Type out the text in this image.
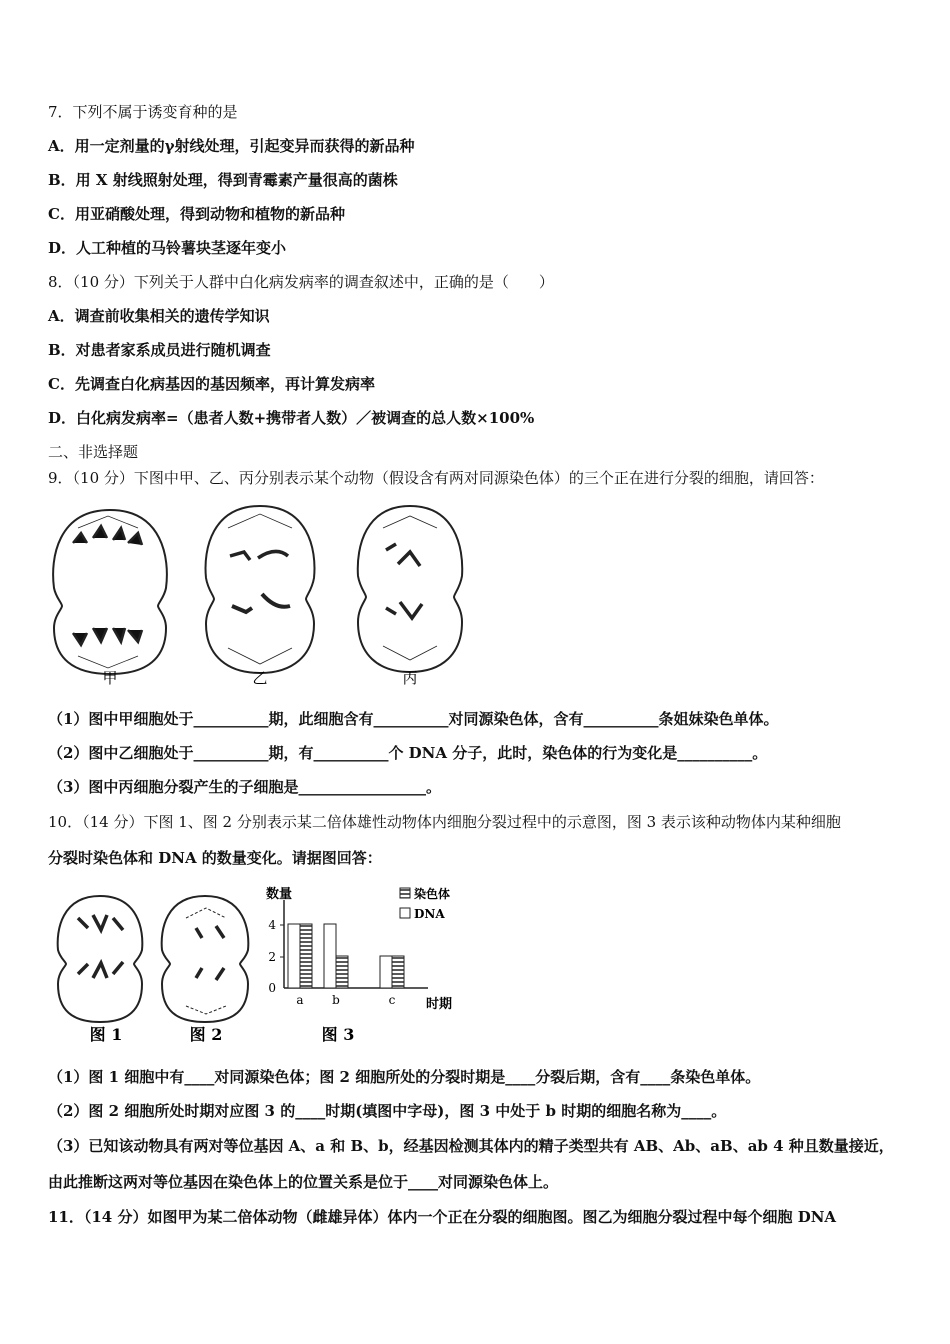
7．下列不属于诱变育种的是
A．用一定剂量的γ射线处理，引起变异而获得的新品种
B．用 X 射线照射处理，得到青霉素产量很高的菌株
C．用亚硝酸处理，得到动物和植物的新品种
D．人工种植的马铃薯块茎逐年变小
8．（10 分）下列关于人群中白化病发病率的调查叙述中，正确的是（　　）
A．调查前收集相关的遗传学知识
B．对患者家系成员进行随机调查
C．先调查白化病基因的基因频率，再计算发病率
D．白化病发病率=（患者人数+携带者人数）／被调查的总人数×100%
二、非选择题
9．（10 分）下图中甲、乙、丙分别表示某个动物（假设含有两对同源染色体）的三个正在进行分裂的细胞，请回答：
甲	乙	丙
（1）图中甲细胞处于__________期，此细胞含有__________对同源染色体，含有__________条姐妹染色单体。
（2）图中乙细胞处于__________期，有__________个 DNA 分子，此时，染色体的行为变化是__________。
（3）图中丙细胞分裂产生的子细胞是_________________。
10．（14 分）下图 1、图 2 分别表示某二倍体雄性动物体内细胞分裂过程中的示意图，图 3 表示该种动物体内某种细胞
分裂时染色体和 DNA 的数量变化。请据图回答：
图 1	图 2	图 3
数量
时期
0
2
4
a b	c
染色体
DNA
（1）图 1 细胞中有____对同源染色体；图 2 细胞所处的分裂时期是____分裂后期，含有____条染色单体。
（2）图 2 细胞所处时期对应图 3 的____时期(填图中字母)，图 3 中处于 b 时期的细胞名称为____。
（3）已知该动物具有两对等位基因 A、a 和 B、b，经基因检测其体内的精子类型共有 AB、Ab、aB、ab 4 种且数量接近，
由此推断这两对等位基因在染色体上的位置关系是位于____对同源染色体上。
11．（14 分）如图甲为某二倍体动物（雌雄异体）体内一个正在分裂的细胞图。图乙为细胞分裂过程中每个细胞 DNA
